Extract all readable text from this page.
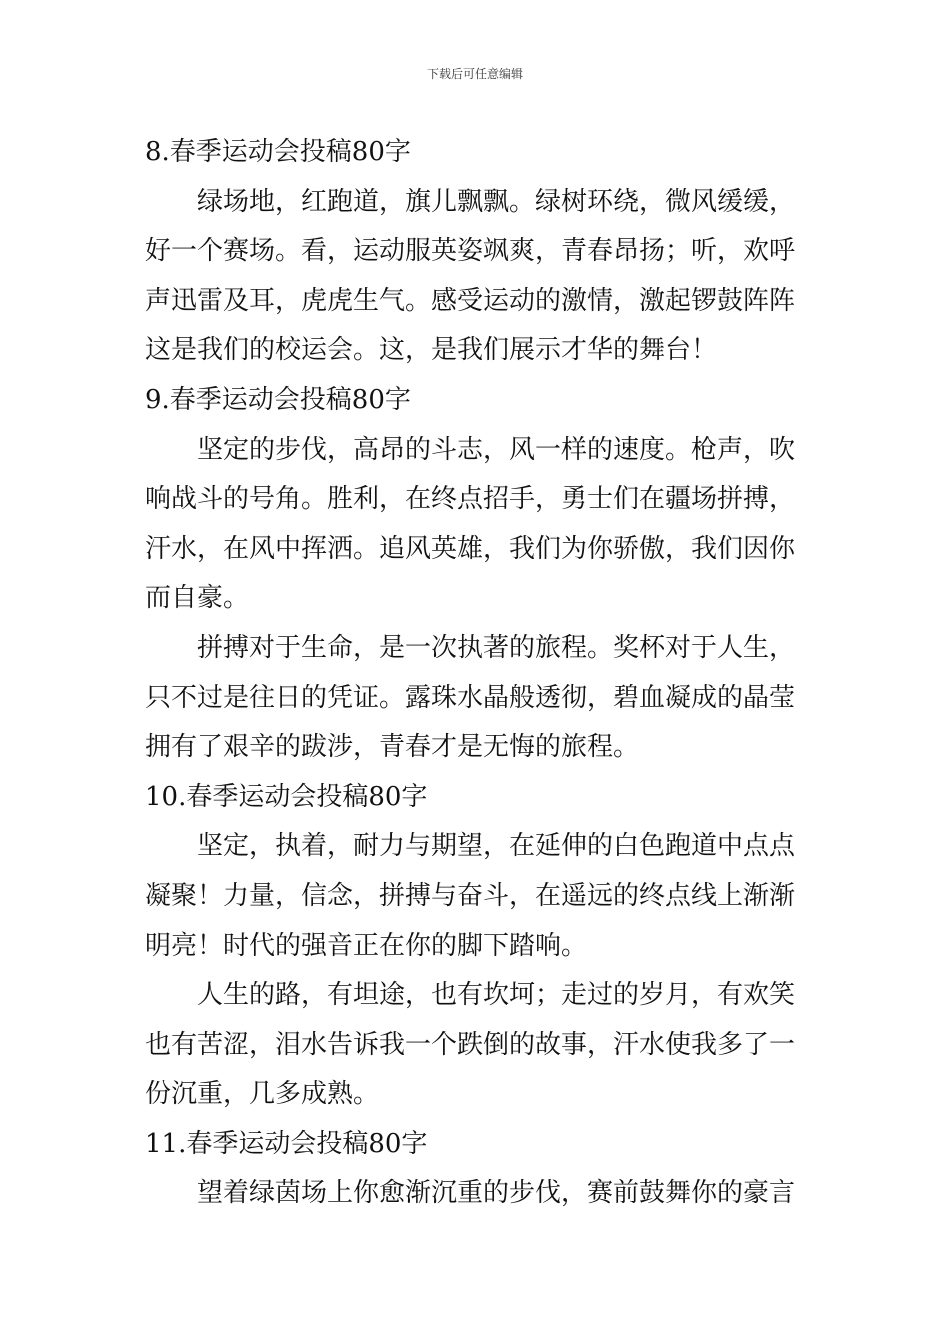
下载后可任意编辑
8.春季运动会投稿80字
绿场地，红跑道，旗儿飘飘。绿树环绕，微风缓缓，
好一个赛场。看，运动服英姿飒爽，青春昂扬；听，欢呼
声迅雷及耳，虎虎生气。感受运动的激情，激起锣鼓阵阵
这是我们的校运会。这，是我们展示才华的舞台！
9.春季运动会投稿80字
坚定的步伐，高昂的斗志，风一样的速度。枪声，吹
响战斗的号角。胜利，在终点招手，勇士们在疆场拼搏，
汗水，在风中挥洒。追风英雄，我们为你骄傲，我们因你
而自豪。
拼搏对于生命，是一次执著的旅程。奖杯对于人生，
只不过是往日的凭证。露珠水晶般透彻，碧血凝成的晶莹
拥有了艰辛的跋涉，青春才是无悔的旅程。
10.春季运动会投稿80字
坚定，执着，耐力与期望，在延伸的白色跑道中点点
凝聚！力量，信念，拼搏与奋斗，在遥远的终点线上渐渐
明亮！时代的强音正在你的脚下踏响。
人生的路，有坦途，也有坎坷；走过的岁月，有欢笑
也有苦涩，泪水告诉我一个跌倒的故事，汗水使我多了一
份沉重，几多成熟。
11.春季运动会投稿80字
望着绿茵场上你愈渐沉重的步伐，赛前鼓舞你的豪言
